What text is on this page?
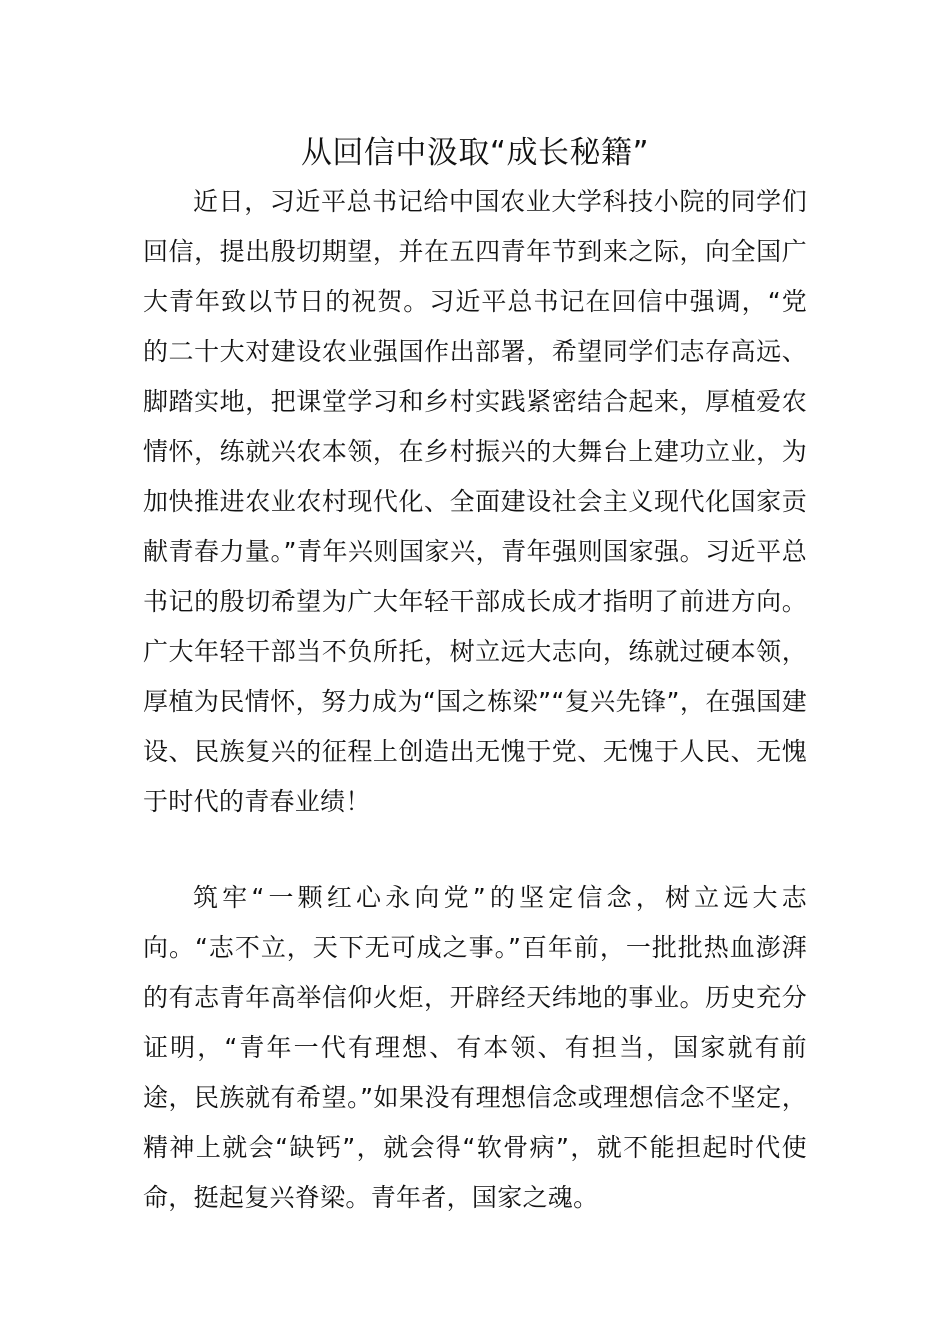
从回信中汲取“成长秘籍”

近日，习近平总书记给中国农业大学科技小院的同学们回信，提出殷切期望，并在五四青年节到来之际，向全国广大青年致以节日的祝贺。习近平总书记在回信中强调，“党的二十大对建设农业强国作出部署，希望同学们志存高远、脚踏实地，把课堂学习和乡村实践紧密结合起来，厚植爱农情怀，练就兴农本领，在乡村振兴的大舞台上建功立业，为加快推进农业农村现代化、全面建设社会主义现代化国家贡献青春力量。”青年兴则国家兴，青年强则国家强。习近平总书记的殷切希望为广大年轻干部成长成才指明了前进方向。广大年轻干部当不负所托，树立远大志向，练就过硬本领，厚植为民情怀，努力成为“国之栋梁”“复兴先锋”，在强国建设、民族复兴的征程上创造出无愧于党、无愧于人民、无愧于时代的青春业绩！

筑牢“一颗红心永向党”的坚定信念，树立远大志向。“志不立，天下无可成之事。”百年前，一批批热血澎湃的有志青年高举信仰火炬，开辟经天纬地的事业。历史充分证明，“青年一代有理想、有本领、有担当，国家就有前途，民族就有希望。”如果没有理想信念或理想信念不坚定，精神上就会“缺钙”，就会得“软骨病”，就不能担起时代使命，挺起复兴脊梁。青年者，国家之魂。
